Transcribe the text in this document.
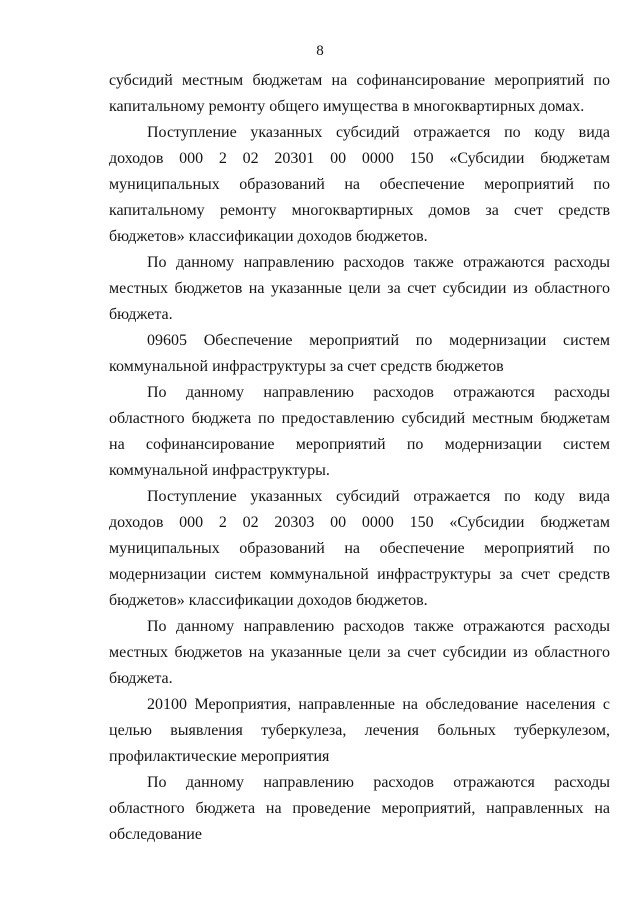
8

субсидий местным бюджетам на софинансирование мероприятий по капитальному ремонту общего имущества в многоквартирных домах.

Поступление указанных субсидий отражается по коду вида доходов 000 2 02 20301 00 0000 150 «Субсидии бюджетам муниципальных образований на обеспечение мероприятий по капитальному ремонту многоквартирных домов за счет средств бюджетов» классификации доходов бюджетов.

По данному направлению расходов также отражаются расходы местных бюджетов на указанные цели за счет субсидии из областного бюджета.

09605 Обеспечение мероприятий по модернизации систем коммунальной инфраструктуры за счет средств бюджетов

По данному направлению расходов отражаются расходы областного бюджета по предоставлению субсидий местным бюджетам на софинансирование мероприятий по модернизации систем коммунальной инфраструктуры.

Поступление указанных субсидий отражается по коду вида доходов 000 2 02 20303 00 0000 150 «Субсидии бюджетам муниципальных образований на обеспечение мероприятий по модернизации систем коммунальной инфраструктуры за счет средств бюджетов» классификации доходов бюджетов.

По данному направлению расходов также отражаются расходы местных бюджетов на указанные цели за счет субсидии из областного бюджета.

20100 Мероприятия, направленные на обследование населения с целью выявления туберкулеза, лечения больных туберкулезом, профилактические мероприятия

По данному направлению расходов отражаются расходы областного бюджета на проведение мероприятий, направленных на обследование
